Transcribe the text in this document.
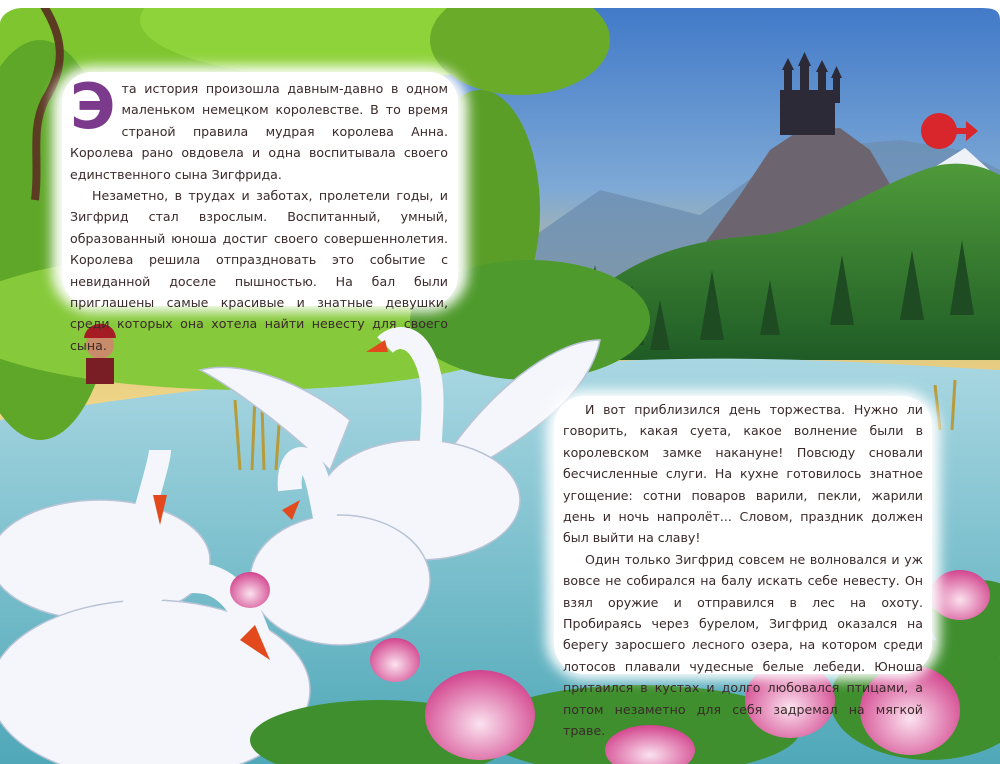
Эта история произошла давным-давно в одном маленьком немецком королевстве. В то время страной правила мудрая королева Анна. Королева рано овдовела и одна воспитывала своего единственного сына Зигфрида.

Незаметно, в трудах и заботах, пролетели годы, и Зигфрид стал взрослым. Воспитанный, умный, образованный юноша достиг своего совершеннолетия. Королева решила отпраздновать это событие с невиданной доселе пышностью. На бал были приглашены самые красивые и знатные девушки, среди которых она хотела найти невесту для своего сына.

И вот приблизился день торжества. Нужно ли говорить, какая суета, какое волнение были в королевском замке накануне! Повсюду сновали бесчисленные слуги. На кухне готовилось знатное угощение: сотни поваров варили, пекли, жарили день и ночь напролёт... Словом, праздник должен был выйти на славу!

Один только Зигфрид совсем не волновался и уж вовсе не собирался на балу искать себе невесту. Он взял оружие и отправился в лес на охоту. Пробираясь через бурелом, Зигфрид оказался на берегу заросшего лесного озера, на котором среди лотосов плавали чудесные белые лебеди. Юноша притаился в кустах и долго любовался птицами, а потом незаметно для себя задремал на мягкой траве.
